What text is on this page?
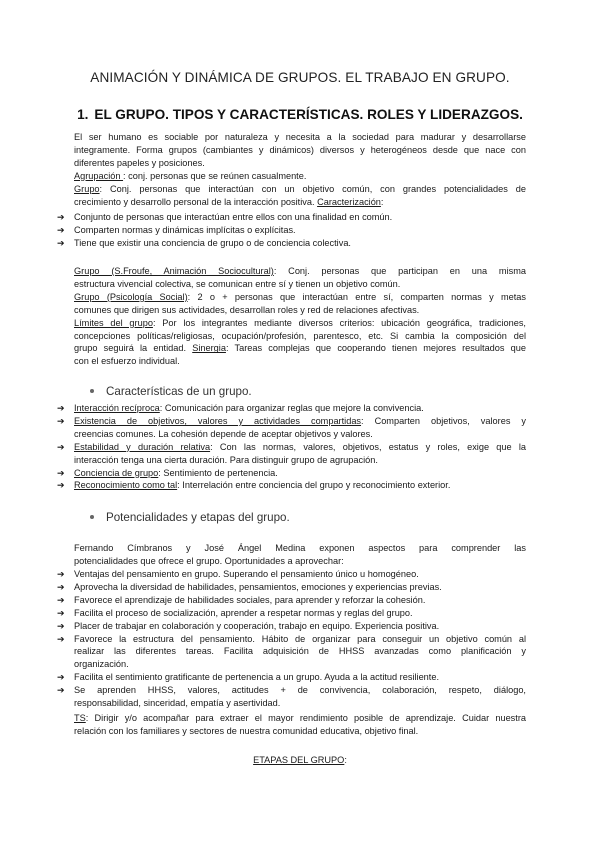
ANIMACIÓN Y DINÁMICA DE GRUPOS. EL TRABAJO EN GRUPO.
1. EL GRUPO. TIPOS Y CARACTERÍSTICAS. ROLES Y LIDERAZGOS.
El ser humano es sociable por naturaleza y necesita a la sociedad para madurar y desarrollarse
integramente. Forma grupos (cambiantes y dinámicos) diversos y heterogéneos desde que nace con
diferentes papeles y posiciones.
Agrupación : conj. personas que se reúnen casualmente.
Grupo: Conj. personas que interactúan con un objetivo común, con grandes potencialidades de
crecimiento y desarrollo personal de la interacción positiva. Caracterización:
➔ Conjunto de personas que interactúan entre ellos con una finalidad en común.
➔ Comparten normas y dinámicas implícitas o explícitas.
➔ Tiene que existir una conciencia de grupo o de conciencia colectiva.
Grupo (S.Froufe, Animación Sociocultural): Conj. personas que participan en una misma
estructura vivencial colectiva, se comunican entre sí y tienen un objetivo común.
Grupo (Psicología Social): 2 o + personas que interactúan entre sí, comparten normas y metas
comunes que dirigen sus actividades, desarrollan roles y red de relaciones afectivas.
Límites del grupo: Por los integrantes mediante diversos criterios: ubicación geográfica, tradiciones,
concepciones políticas/religiosas, ocupación/profesión, parentesco, etc. Si cambia la composición del
grupo seguirá la entidad. Sinergia: Tareas complejas que cooperando tienen mejores resultados que
con el esfuerzo individual.
Características de un grupo.
➔ Interacción recíproca: Comunicación para organizar reglas que mejore la convivencia.
➔ Existencia de objetivos, valores y actividades compartidas: Comparten objetivos, valores y
creencias comunes. La cohesión depende de aceptar objetivos y valores.
➔ Estabilidad y duración relativa: Con las normas, valores, objetivos, estatus y roles, exige que la
interacción tenga una cierta duración. Para distinguir grupo de agrupación.
➔ Conciencia de grupo: Sentimiento de pertenencia.
➔ Reconocimiento como tal: Interrelación entre conciencia del grupo y reconocimiento exterior.
Potencialidades y etapas del grupo.
Fernando Címbranos y José Ángel Medina exponen aspectos para comprender las
potencialidades que ofrece el grupo. Oportunidades a aprovechar:
➔ Ventajas del pensamiento en grupo. Superando el pensamiento único u homogéneo.
➔ Aprovecha la diversidad de habilidades, pensamientos, emociones y experiencias previas.
➔ Favorece el aprendizaje de habilidades sociales, para aprender y reforzar la cohesión.
➔ Facilita el proceso de socialización, aprender a respetar normas y reglas del grupo.
➔ Placer de trabajar en colaboración y cooperación, trabajo en equipo. Experiencia positiva.
➔ Favorece la estructura del pensamiento. Hábito de organizar para conseguir un objetivo común al
realizar las diferentes tareas. Facilita adquisición de HHSS avanzadas como planificación y
organización.
➔ Facilita el sentimiento gratificante de pertenencia a un grupo. Ayuda a la actitud resiliente.
➔ Se aprenden HHSS, valores, actitudes + de convivencia, colaboración, respeto, diálogo,
responsabilidad, sinceridad, empatía y asertividad.
TS: Dirigir y/o acompañar para extraer el mayor rendimiento posible de aprendizaje. Cuidar nuestra
relación con los familiares y sectores de nuestra comunidad educativa, objetivo final.
ETAPAS DEL GRUPO:
